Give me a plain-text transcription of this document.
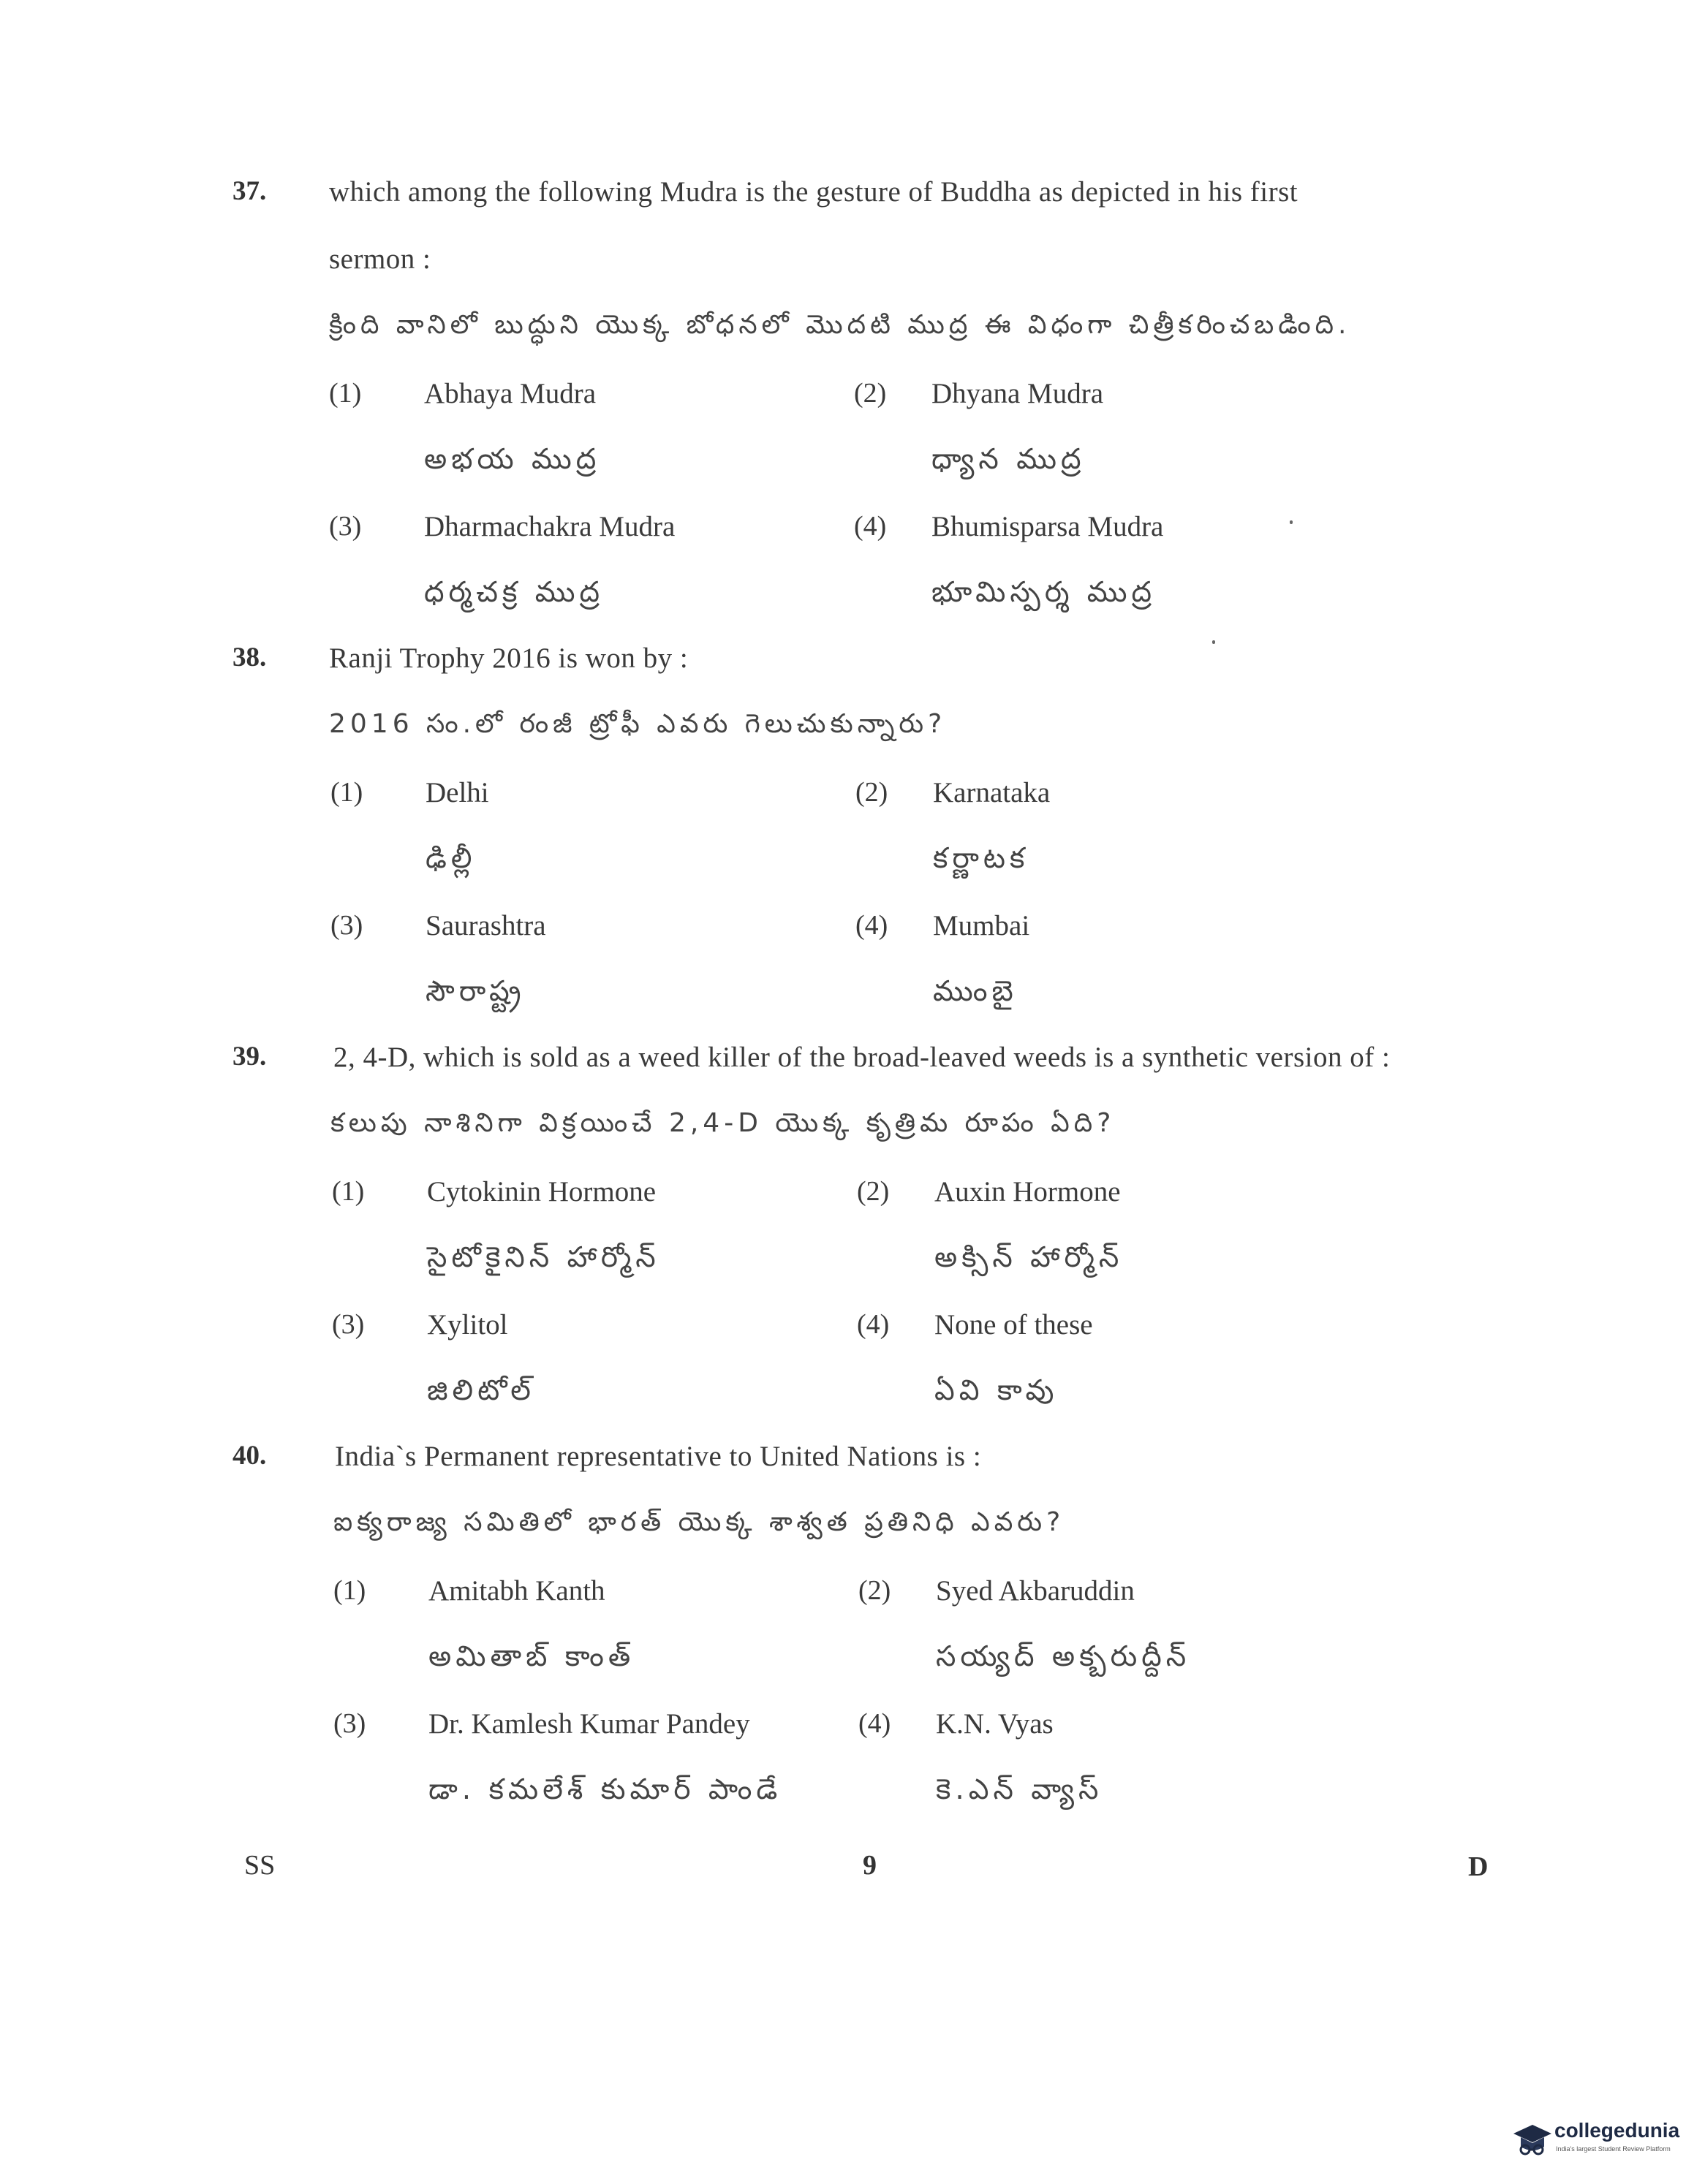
37. which among the following Mudra is the gesture of Buddha as depicted in his first
sermon :
క్రింది వానిలో బుద్ధుని యొక్క బోధనలో మొదటి ముద్ర ఈ విధంగా చిత్రీకరించబడింది.
(1) Abhaya Mudra
అభయ ముద్ర
(2) Dhyana Mudra
ధ్యాన ముద్ర
(3) Dharmachakra Mudra
ధర్మచక్ర ముద్ర
(4) Bhumisparsa Mudra
భూమిస్పర్శ ముద్ర
38. Ranji Trophy 2016 is won by :
2016 సం.లో రంజీ ట్రోఫీ ఎవరు గెలుచుకున్నారు?
(1) Delhi
ఢిల్లీ
(2) Karnataka
కర్ణాటక
(3) Saurashtra
సౌరాష్ట్ర
(4) Mumbai
ముంబై
39. 2, 4-D, which is sold as a weed killer of the broad-leaved weeds is a synthetic version of :
కలుపు నాశినిగా విక్రయించే 2,4-D యొక్క కృత్రిమ రూపం ఏది?
(1) Cytokinin Hormone
సైటోకైనిన్ హార్మోన్
(2) Auxin Hormone
అక్సిన్ హార్మోన్
(3) Xylitol
జిలిటోల్
(4) None of these
ఏవి కావు
40. India`s Permanent representative to United Nations is :
ఐక్యరాజ్య సమితిలో భారత్ యొక్క శాశ్వత ప్రతినిధి ఎవరు?
(1) Amitabh Kanth
అమితాబ్ కాంత్
(2) Syed Akbaruddin
సయ్యద్ అక్బరుద్దీన్
(3) Dr. Kamlesh Kumar Pandey
డా. కమలేశ్ కుమార్ పాండే
(4) K.N. Vyas
కె.ఎన్ వ్యాస్
SS	9	D
collegedunia
India's largest Student Review Platform
